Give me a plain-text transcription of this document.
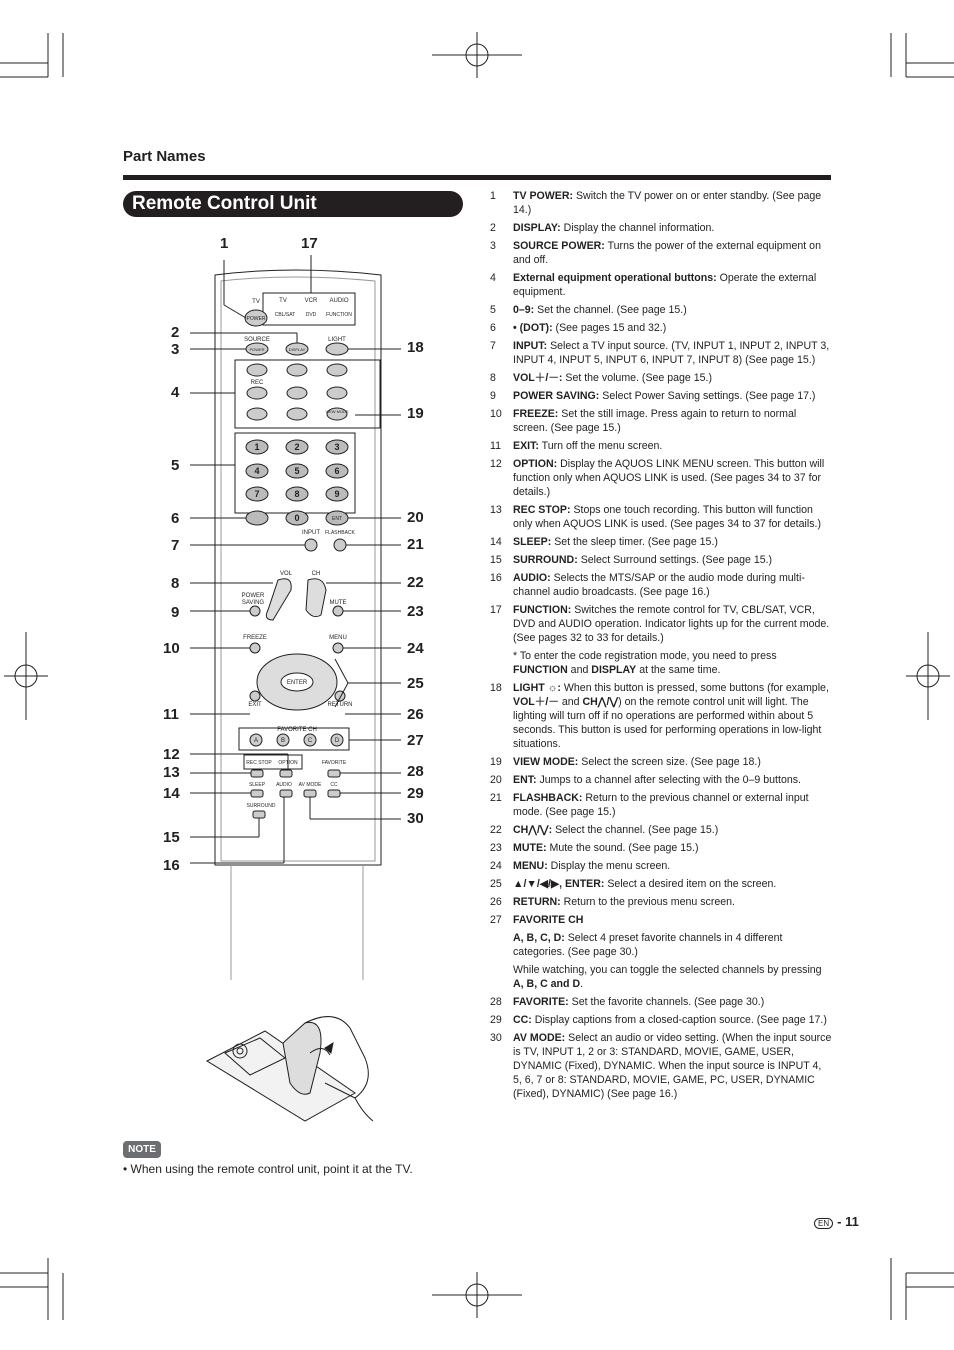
Part Names
Remote Control Unit
TV
POWER
TV	VCR AUDIO
CBL/SAT DVD FUNCTION
SOURCE
POWER	DISPLAY
LIGHT
REC
VIEW MODE
1	2	3
4	5	6
7	8	9
0	ENT
INPUT FLASHBACK
VOL	CH
POWER
SAVING	MUTE
FREEZE	MENU
ENTER
EXIT	RETURN
FAVORITE CH
A	B	C	D
REC STOP OPTION	FAVORITE
SLEEP AUDIO AV MODE CC
SURROUND
1	17
2
3	18
4
19
5
6	20
7	21
8	22
9	23
10	24
25
11	26
27
12
13	28
14	29
30
15
16
1	TV POWER: Switch the TV power on or enter standby. (See page 14.)
2	DISPLAY: Display the channel information.
3	SOURCE POWER: Turns the power of the external equipment on and off.
4	External equipment operational buttons: Operate the external equipment.
5	0–9: Set the channel. (See page 15.)
6	• (DOT): (See pages 15 and 32.)
7	INPUT: Select a TV input source. (TV, INPUT 1, INPUT 2, INPUT 3, INPUT 4, INPUT 5, INPUT 6, INPUT 7, INPUT 8) (See page 15.)
8	VOL＋/－: Set the volume. (See page 15.)
9	POWER SAVING: Select Power Saving settings. (See page 17.)
10	FREEZE: Set the still image. Press again to return to normal screen. (See page 15.)
11	EXIT: Turn off the menu screen.
12	OPTION: Display the AQUOS LINK MENU screen. This button will function only when AQUOS LINK is used. (See pages 34 to 37 for details.)
13	REC STOP: Stops one touch recording. This button will function only when AQUOS LINK is used. (See pages 34 to 37 for details.)
14	SLEEP: Set the sleep timer. (See page 15.)
15	SURROUND: Select Surround settings. (See page 15.)
16	AUDIO: Selects the MTS/SAP or the audio mode during multi-channel audio broadcasts. (See page 16.)
17	FUNCTION: Switches the remote control for TV, CBL/SAT, VCR, DVD and AUDIO operation. Indicator lights up for the current mode. (See pages 32 to 33 for details.)
* To enter the code registration mode, you need to press FUNCTION and DISPLAY at the same time.
18	LIGHT ☼: When this button is pressed, some buttons (for example, VOL＋/－ and CH⋀/⋁) on the remote control unit will light. The lighting will turn off if no operations are performed within about 5 seconds. This button is used for performing operations in low-light situations.
19	VIEW MODE: Select the screen size. (See page 18.)
20	ENT: Jumps to a channel after selecting with the 0–9 buttons.
21	FLASHBACK: Return to the previous channel or external input mode. (See page 15.)
22	CH⋀/⋁: Select the channel. (See page 15.)
23	MUTE: Mute the sound. (See page 15.)
24	MENU: Display the menu screen.
25	▲/▼/◀/▶, ENTER: Select a desired item on the screen.
26	RETURN: Return to the previous menu screen.
27	FAVORITE CH
A, B, C, D: Select 4 preset favorite channels in 4 different categories. (See page 30.)
While watching, you can toggle the selected channels by pressing A, B, C and D.
28	FAVORITE: Set the favorite channels. (See page 30.)
29	CC: Display captions from a closed-caption source. (See page 17.)
30	AV MODE: Select an audio or video setting. (When the input source is TV, INPUT 1, 2 or 3: STANDARD, MOVIE, GAME, USER, DYNAMIC (Fixed), DYNAMIC. When the input source is INPUT 4, 5, 6, 7 or 8: STANDARD, MOVIE, GAME, PC, USER, DYNAMIC (Fixed), DYNAMIC) (See page 16.)
NOTE
• When using the remote control unit, point it at the TV.
EN - 11
